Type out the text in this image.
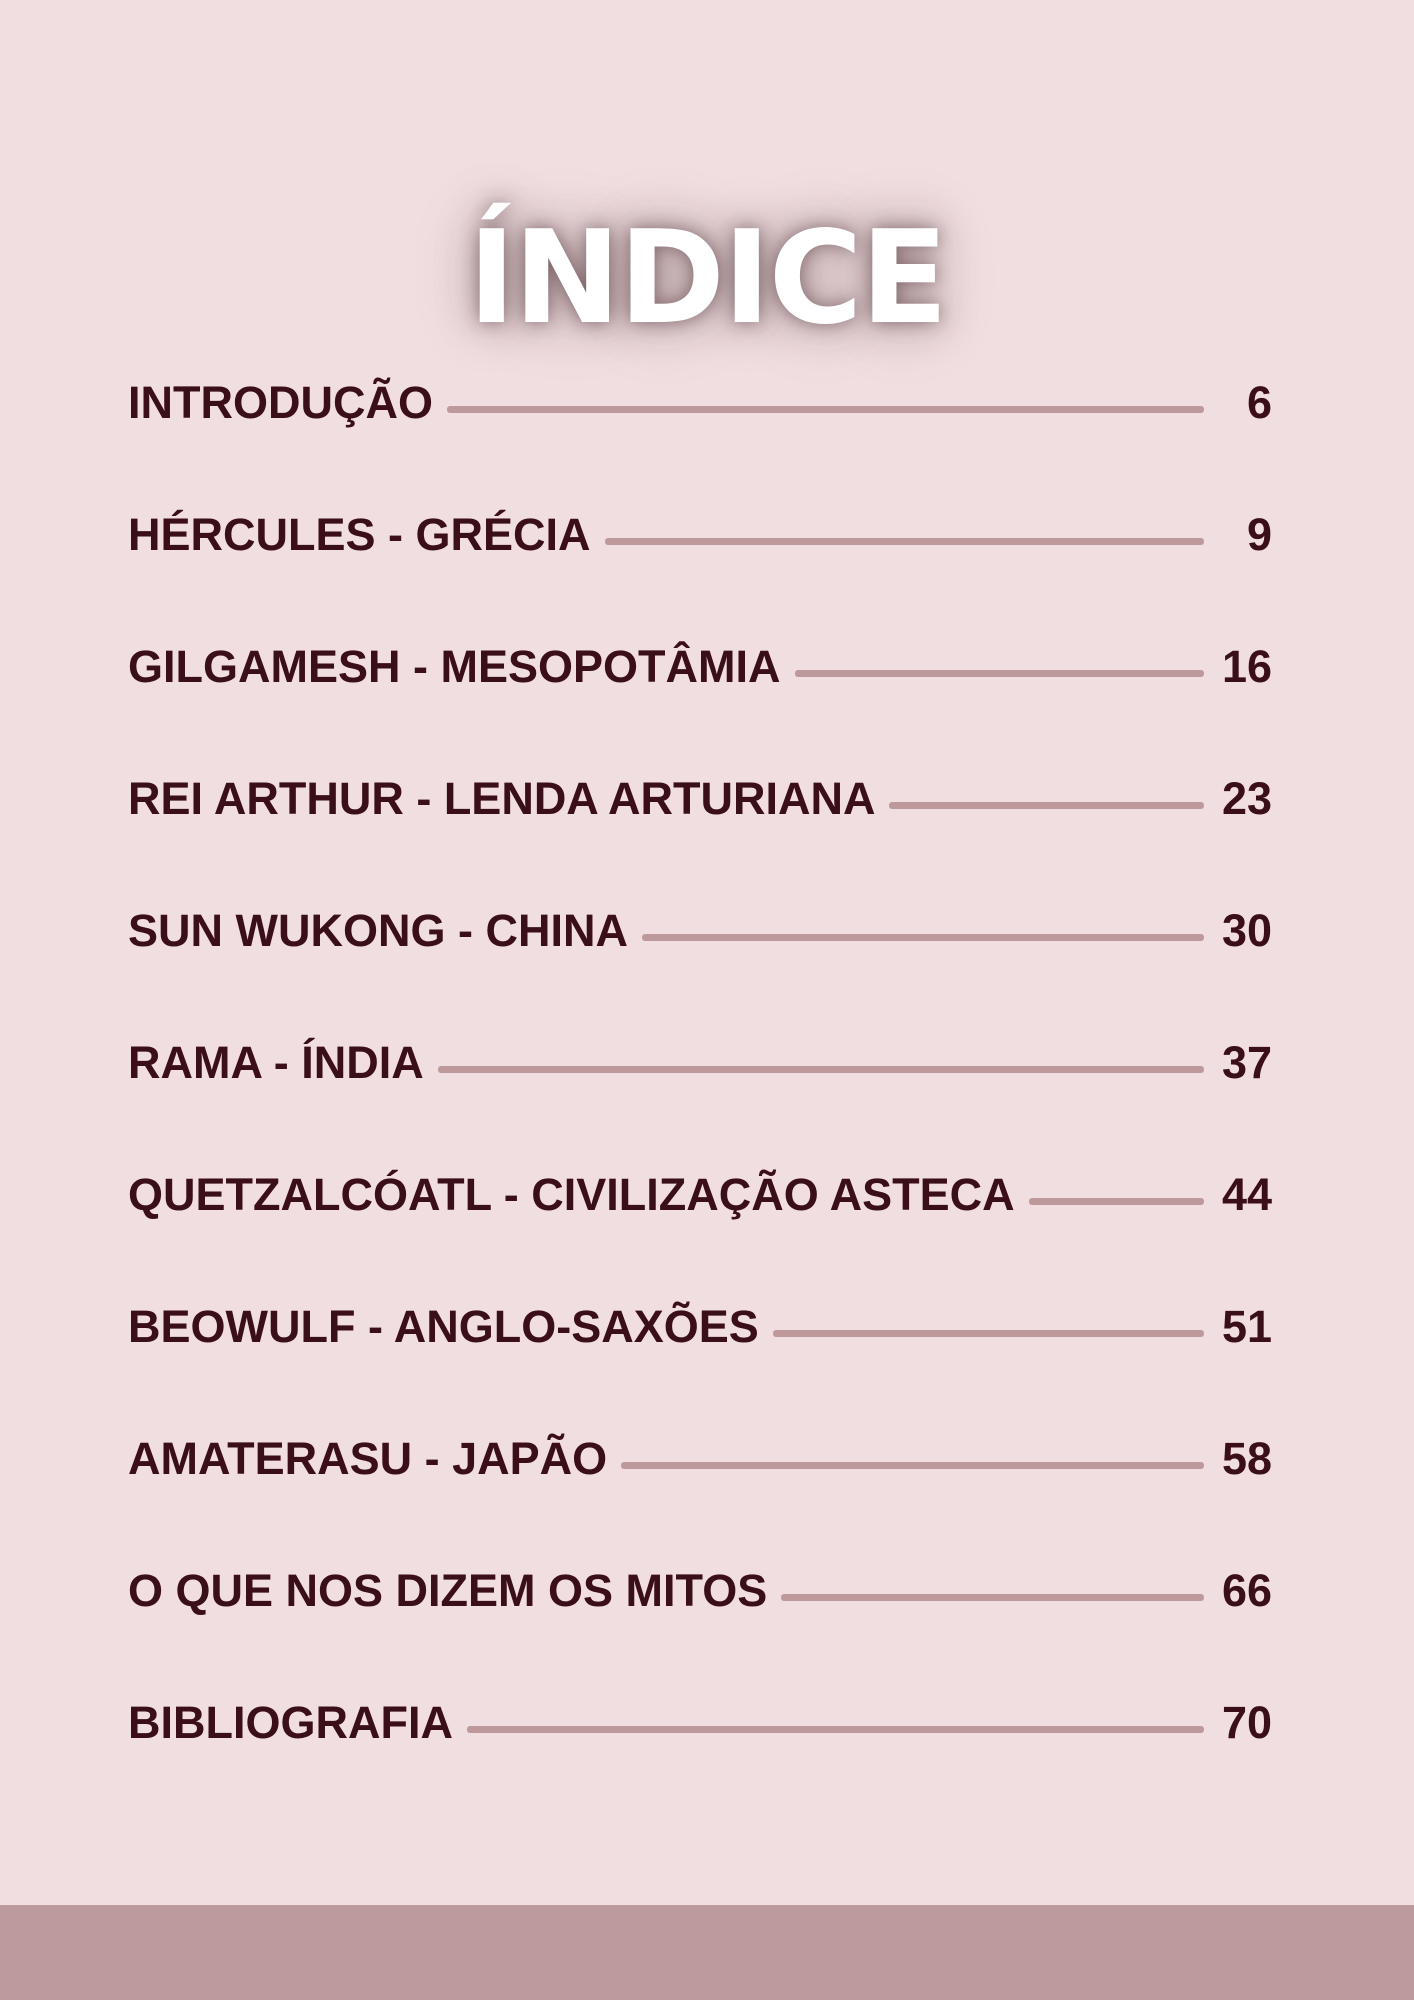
ÍNDICE
INTRODUÇÃO	6
HÉRCULES - GRÉCIA	9
GILGAMESH - MESOPOTÂMIA	16
REI ARTHUR - LENDA ARTURIANA	23
SUN WUKONG - CHINA	30
RAMA - ÍNDIA	37
QUETZALCÓATL - CIVILIZAÇÃO ASTECA	44
BEOWULF - ANGLO-SAXÕES	51
AMATERASU - JAPÃO	58
O QUE NOS DIZEM OS MITOS	66
BIBLIOGRAFIA	70
